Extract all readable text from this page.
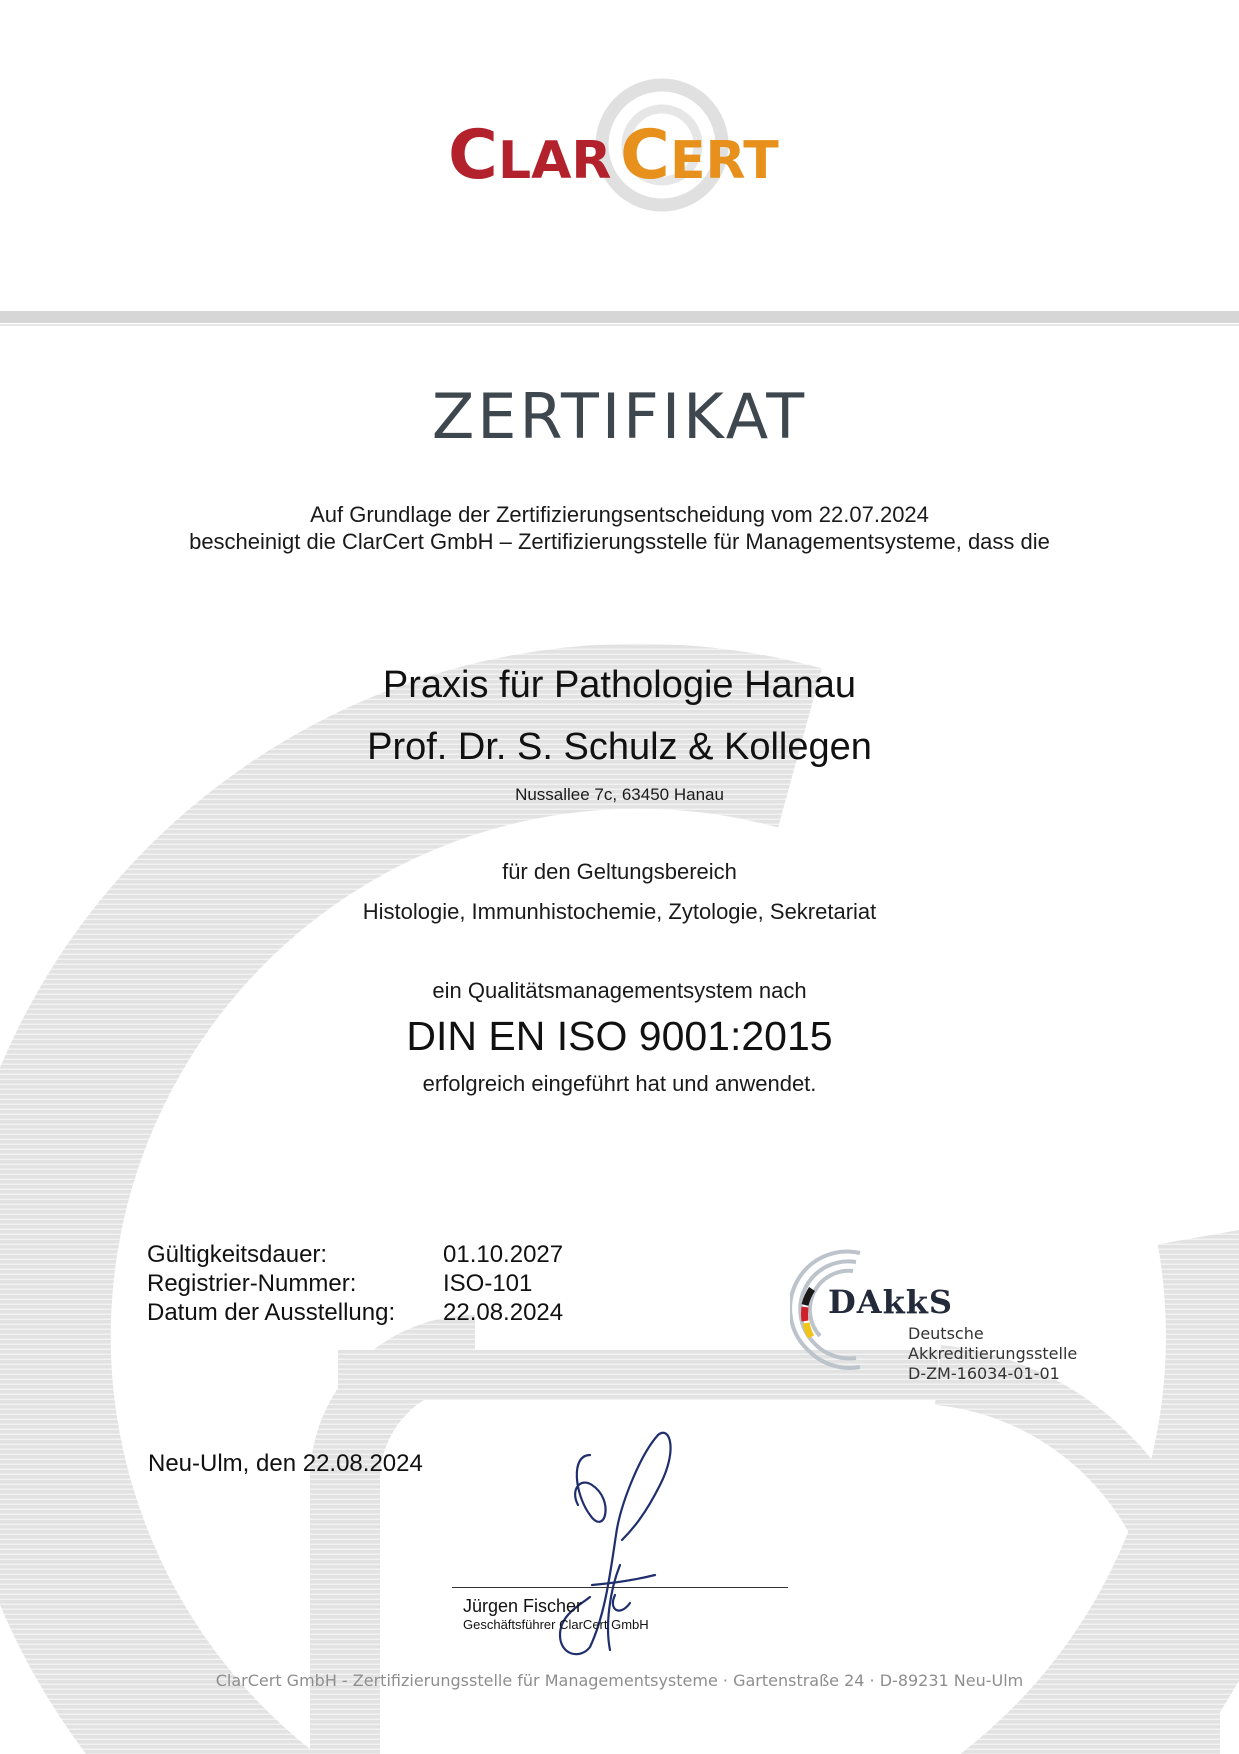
C LAR C ERT
ZERTIFIKAT
Auf Grundlage der Zertifizierungsentscheidung vom 22.07.2024
bescheinigt die ClarCert GmbH – Zertifizierungsstelle für Managementsysteme, dass die
Praxis für Pathologie Hanau
Prof. Dr. S. Schulz & Kollegen
Nussallee 7c, 63450 Hanau
für den Geltungsbereich
Histologie, Immunhistochemie, Zytologie, Sekretariat
ein Qualitätsmanagementsystem nach
DIN EN ISO 9001:2015
erfolgreich eingeführt hat und anwendet.
Gültigkeitsdauer:	01.10.2027
Registrier-Nummer:	ISO-101
Datum der Ausstellung: 22.08.2024	DAkkS
Deutsche
Akkreditierungsstelle
D-ZM-16034-01-01
Neu-Ulm, den 22.08.2024
Jürgen Fischer
Geschäftsführer ClarCert GmbH
ClarCert GmbH - Zertifizierungsstelle für Managementsysteme · Gartenstraße 24 · D-89231 Neu-Ulm
